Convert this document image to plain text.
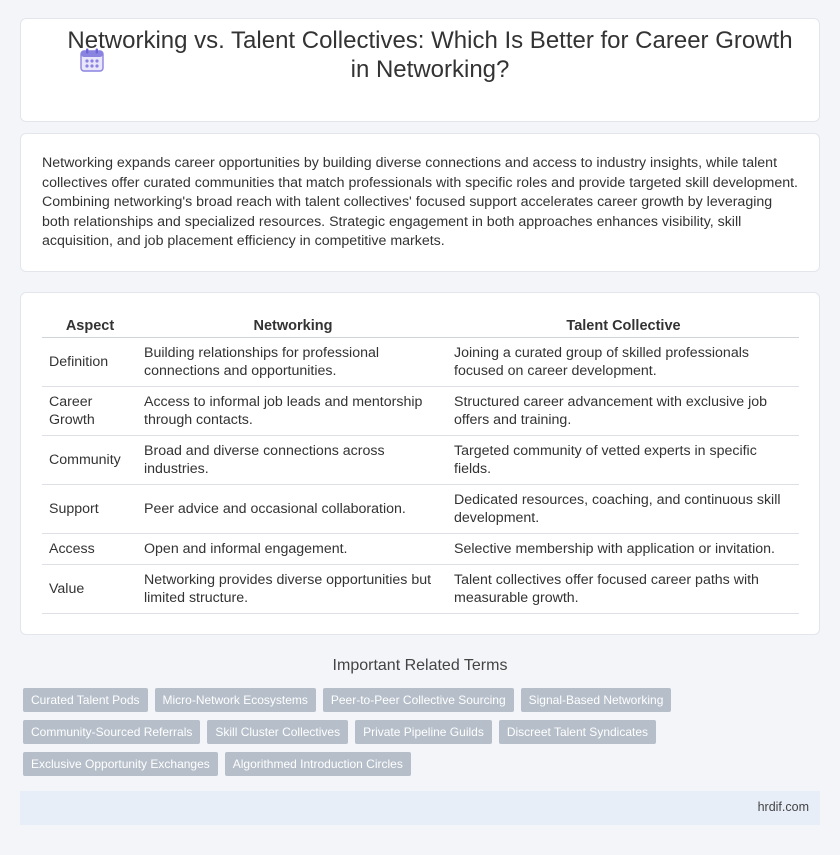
Networking vs. Talent Collectives: Which Is Better for Career Growth in Networking?

Networking expands career opportunities by building diverse connections and access to industry insights, while talent collectives offer curated communities that match professionals with specific roles and provide targeted skill development. Combining networking's broad reach with talent collectives' focused support accelerates career growth by leveraging both relationships and specialized resources. Strategic engagement in both approaches enhances visibility, skill acquisition, and job placement efficiency in competitive markets.

Aspect	Networking	Talent Collective
Definition	Building relationships for professional connections and opportunities.	Joining a curated group of skilled professionals focused on career development.
Career Growth	Access to informal job leads and mentorship through contacts.	Structured career advancement with exclusive job offers and training.
Community	Broad and diverse connections across industries.	Targeted community of vetted experts in specific fields.
Support	Peer advice and occasional collaboration.	Dedicated resources, coaching, and continuous skill development.
Access	Open and informal engagement.	Selective membership with application or invitation.
Value	Networking provides diverse opportunities but limited structure.	Talent collectives offer focused career paths with measurable growth.
Important Related Terms
Curated Talent Pods	Micro-Network Ecosystems	Peer-to-Peer Collective Sourcing	Signal-Based Networking
Community-Sourced Referrals	Skill Cluster Collectives	Private Pipeline Guilds	Discreet Talent Syndicates
Exclusive Opportunity Exchanges	Algorithmed Introduction Circles
hrdif.com
